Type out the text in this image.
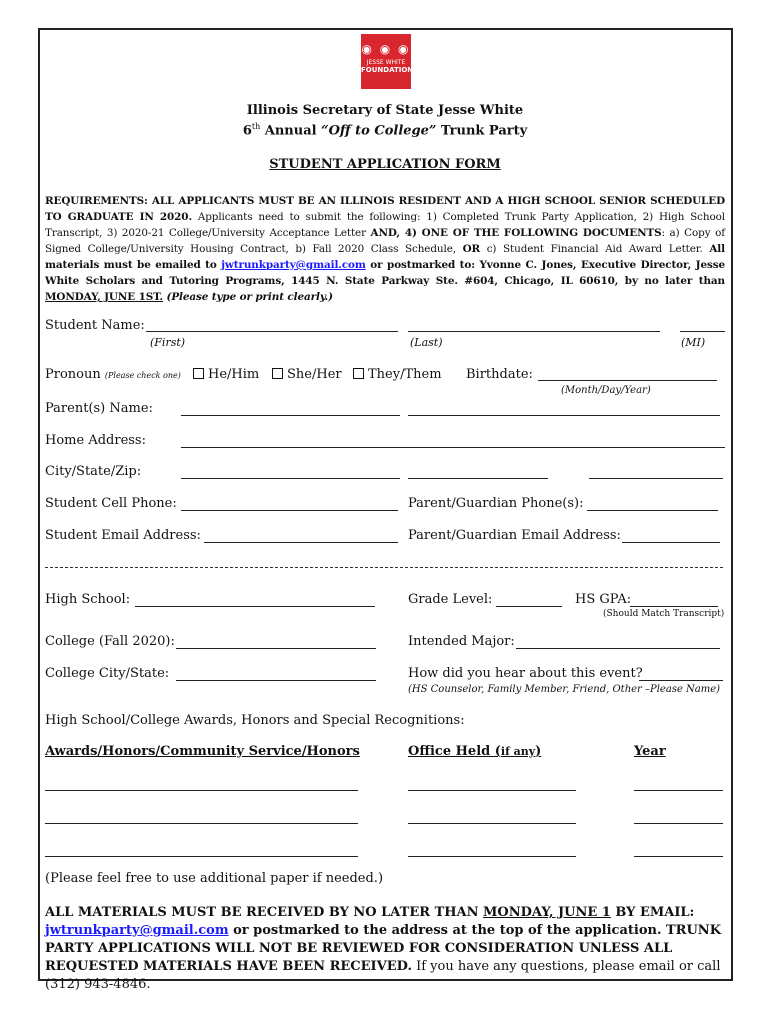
◉ ◉ ◉
JESSE WHITE
FOUNDATION
Illinois Secretary of State Jesse White
6th Annual “Off to College” Trunk Party
STUDENT APPLICATION FORM
REQUIREMENTS: ALL APPLICANTS MUST BE AN ILLINOIS RESIDENT AND A HIGH SCHOOL SENIOR SCHEDULED TO GRADUATE IN 2020. Applicants need to submit the following: 1) Completed Trunk Party Application, 2) High School Transcript, 3) 2020-21 College/University Acceptance Letter AND, 4) ONE OF THE FOLLOWING DOCUMENTS: a) Copy of Signed College/University Housing Contract, b) Fall 2020 Class Schedule, OR c) Student Financial Aid Award Letter. All materials must be emailed to jwtrunkparty@gmail.com or postmarked to: Yvonne C. Jones, Executive Director, Jesse White Scholars and Tutoring Programs, 1445 N. State Parkway Ste. #604, Chicago, IL 60610, by no later than MONDAY, JUNE 1ST. (Please type or print clearly.)
Student Name:
(First)	(Last)	(MI)
Pronoun (Please check one)	He/Him	She/Her	They/Them Birthdate:
(Month/Day/Year)
Parent(s) Name:
Home Address:
City/State/Zip:
Student Cell Phone:	Parent/Guardian Phone(s):
Student Email Address:	Parent/Guardian Email Address:
High School:	Grade Level:	HS GPA:
(Should Match Transcript)
College (Fall 2020):	Intended Major:
College City/State:	How did you hear about this event?
(HS Counselor, Family Member, Friend, Other –Please Name)
High School/College Awards, Honors and Special Recognitions:
Awards/Honors/Community Service/Honors	Office Held (if any)	Year
(Please feel free to use additional paper if needed.)
ALL MATERIALS MUST BE RECEIVED BY NO LATER THAN MONDAY, JUNE 1 BY EMAIL:
jwtrunkparty@gmail.com or postmarked to the address at the top of the application. TRUNK PARTY APPLICATIONS WILL NOT BE REVIEWED FOR CONSIDERATION UNLESS ALL REQUESTED MATERIALS HAVE BEEN RECEIVED. If you have any questions, please email or call (312) 943-4846.
